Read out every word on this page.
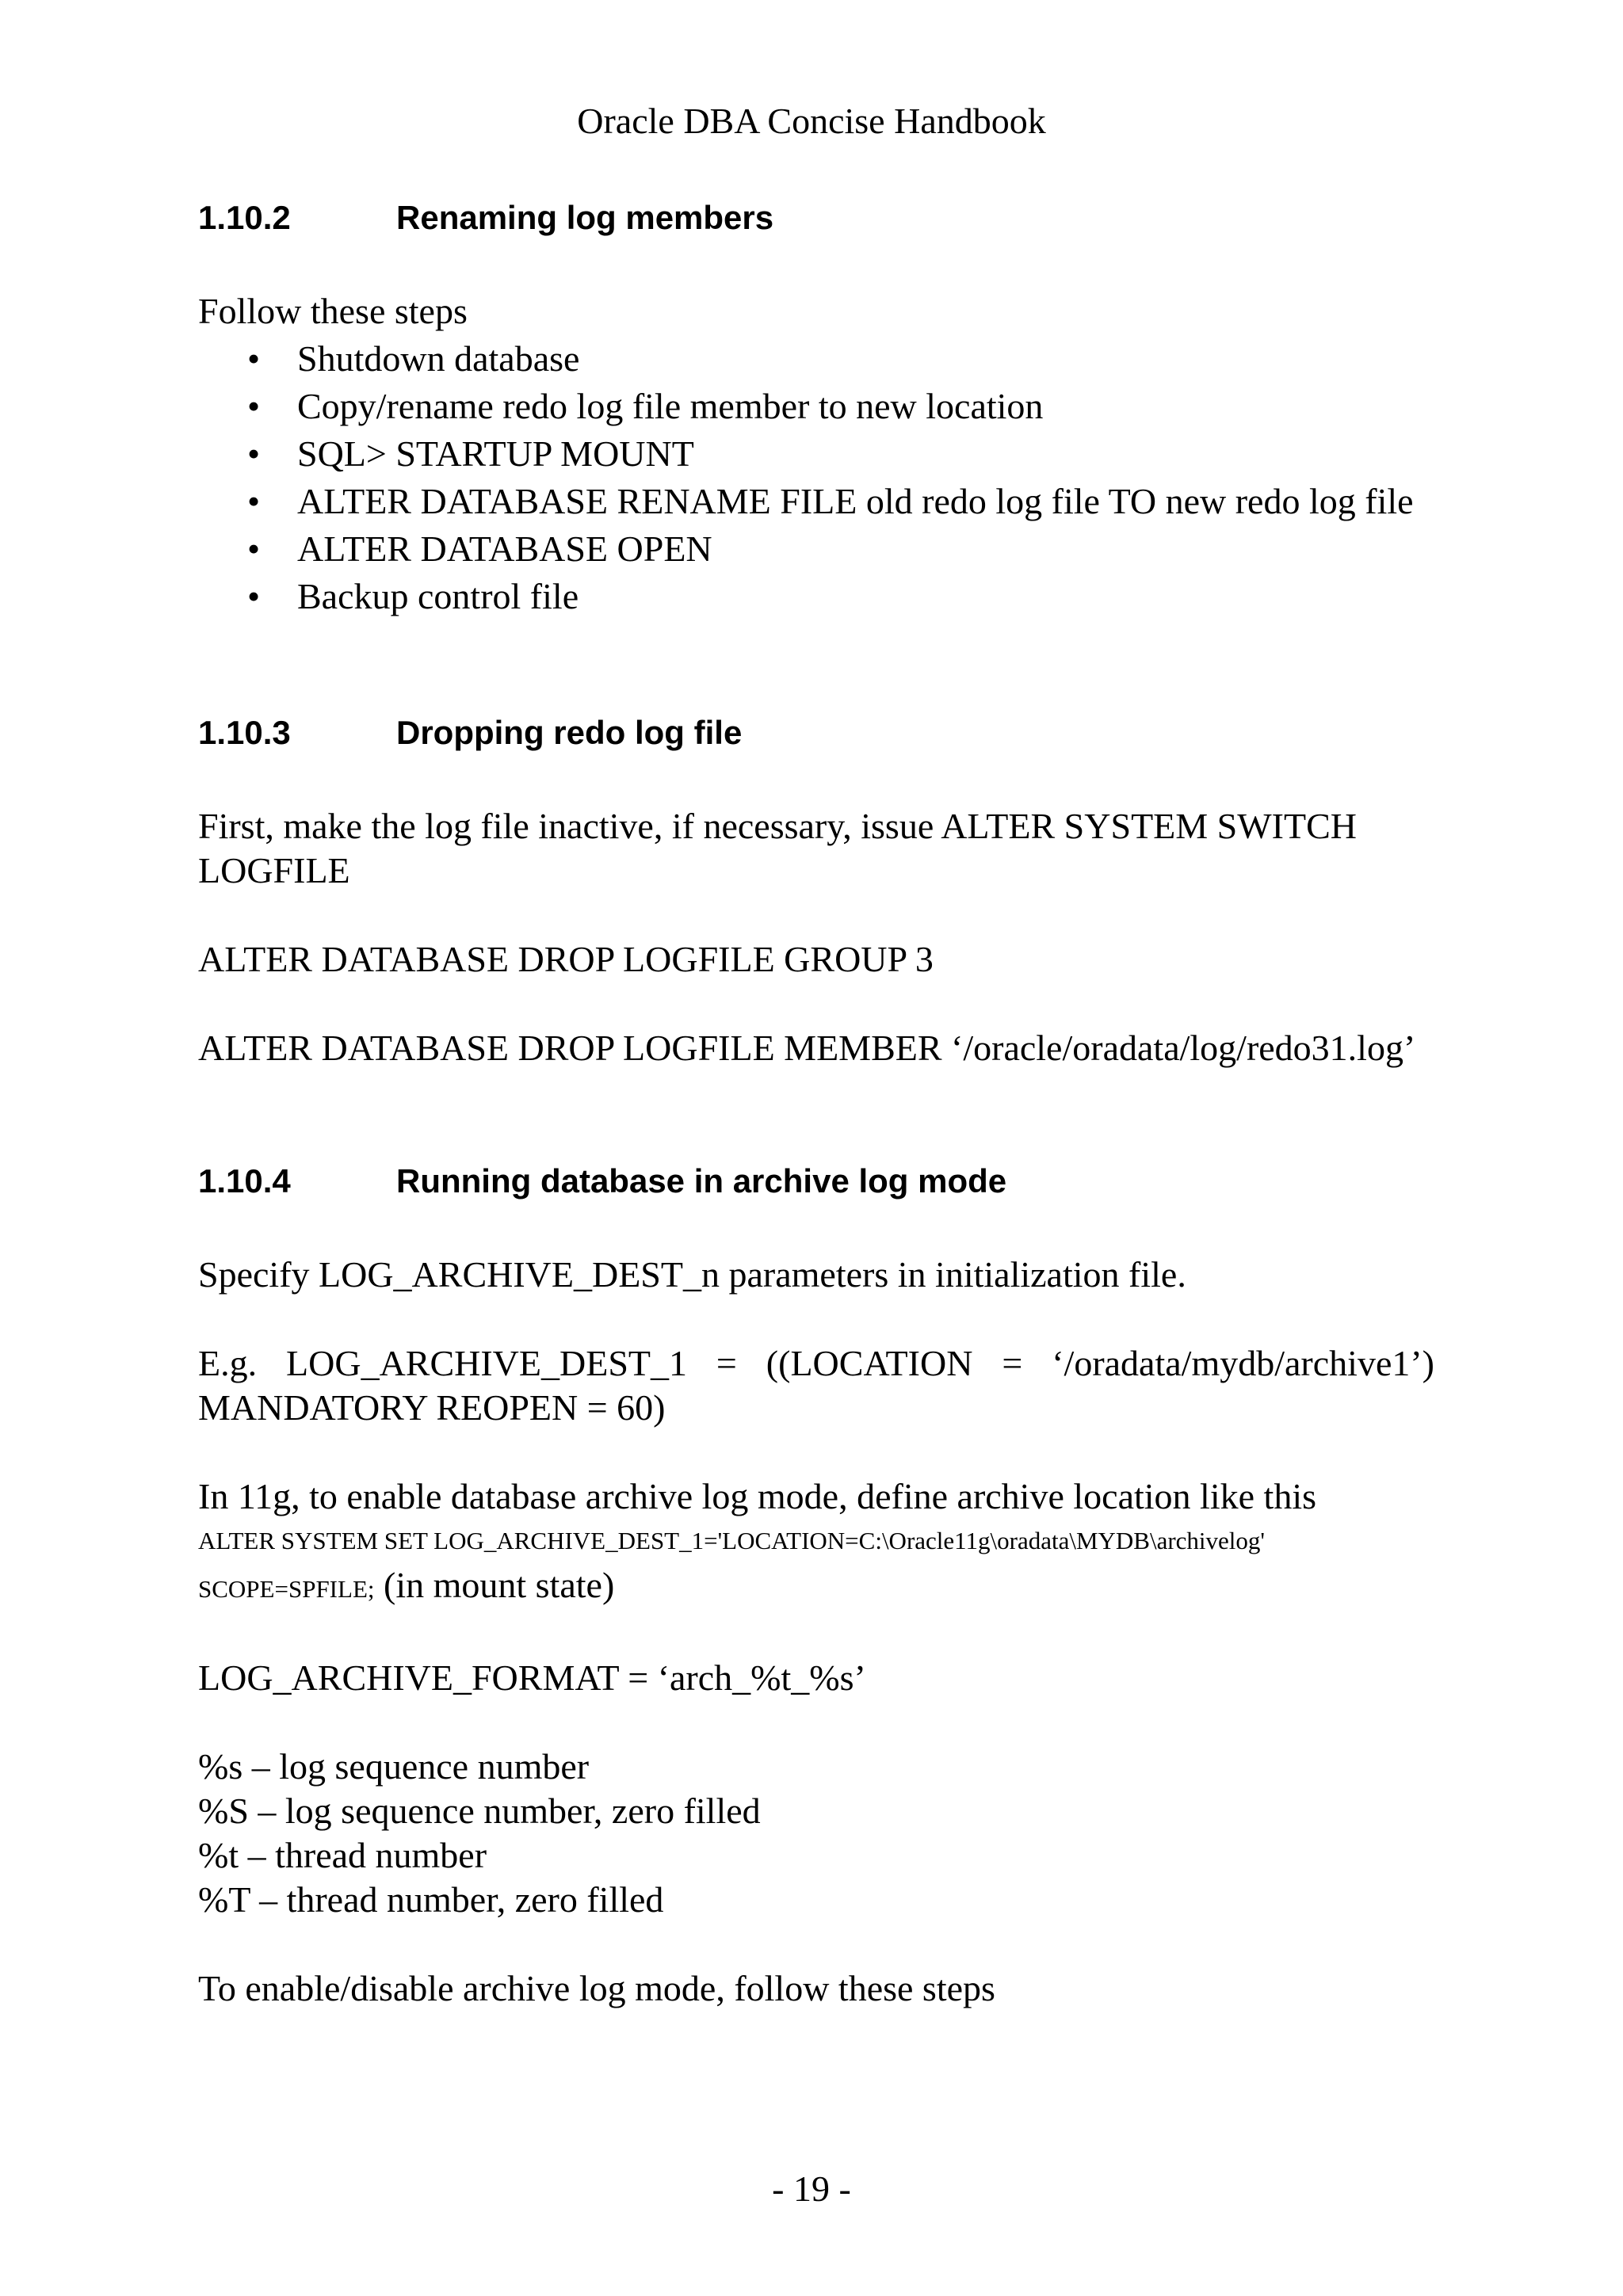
Oracle DBA Concise Handbook
1.10.2	Renaming log members

Follow these steps

• Shutdown database
• Copy/rename redo log file member to new location
• SQL> STARTUP MOUNT
• ALTER DATABASE RENAME FILE old redo log file TO new redo log file
• ALTER DATABASE OPEN
• Backup control file
1.10.3	Dropping redo log file

First, make the log file inactive, if necessary, issue ALTER SYSTEM SWITCH LOGFILE

ALTER DATABASE DROP LOGFILE GROUP 3

ALTER DATABASE DROP LOGFILE MEMBER ‘/oracle/oradata/log/redo31.log’

1.10.4	Running database in archive log mode

Specify LOG_ARCHIVE_DEST_n parameters in initialization file.

E.g. LOG_ARCHIVE_DEST_1 = ((LOCATION = ‘/oradata/mydb/archive1’) MANDATORY REOPEN = 60)

In 11g, to enable database archive log mode, define archive location like this

ALTER SYSTEM SET LOG_ARCHIVE_DEST_1='LOCATION=C:\Oracle11g\oradata\MYDB\archivelog'
SCOPE=SPFILE; (in mount state)

LOG_ARCHIVE_FORMAT = ‘arch_%t_%s’

%s – log sequence number

%S – log sequence number, zero filled

%t – thread number

%T – thread number, zero filled

To enable/disable archive log mode, follow these steps

- 19 -
